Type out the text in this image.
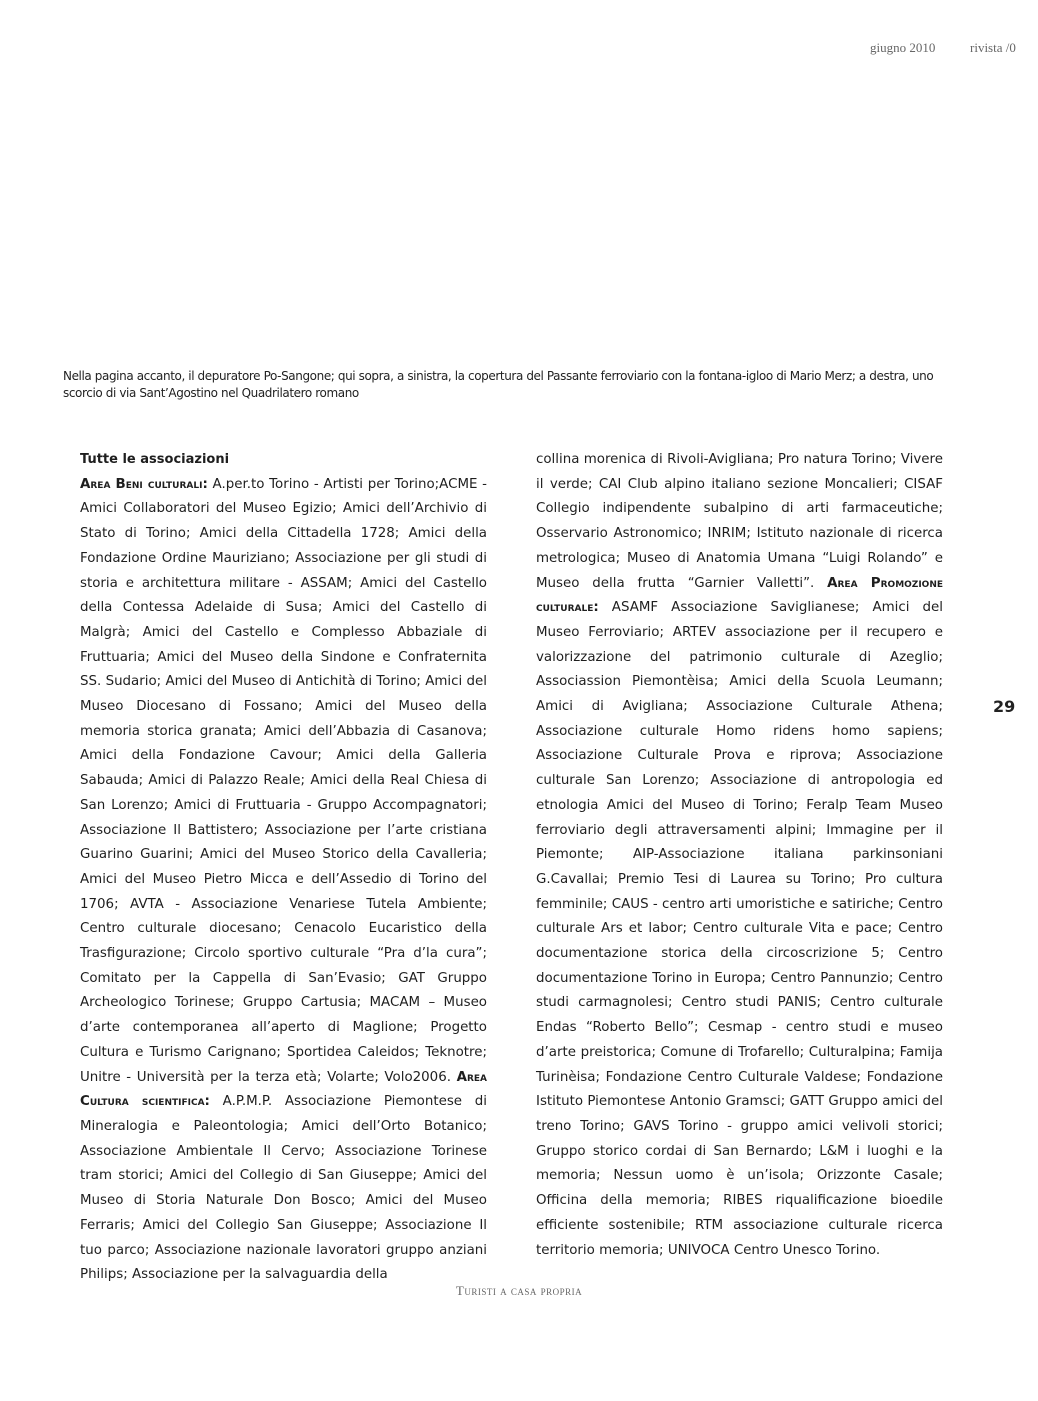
giugno 2010	rivista /0
Nella pagina accanto, il depuratore Po-Sangone; qui sopra, a sinistra, la copertura del Passante ferroviario con la fontana-igloo di Mario Merz; a destra, uno scorcio di via Sant’Agostino nel Quadrilatero romano
Tutte le associazioni
Area Beni culturali: A.per.to Torino - Artisti per Torino;ACME - Amici Collaboratori del Museo Egizio; Amici dell’Archivio di Stato di Torino; Amici della Cittadella 1728; Amici della Fondazione Ordine Mauriziano; Associazione per gli studi di storia e architettura militare - ASSAM; Amici del Castello della Contessa Adelaide di Susa; Amici del Castello di Malgrà; Amici del Castello e Complesso Abbaziale di Fruttuaria; Amici del Museo della Sindone e Confraternita SS. Sudario; Amici del Museo di Antichità di Torino; Amici del Museo Diocesano di Fossano; Amici del Museo della memoria storica granata; Amici dell’Abbazia di Casanova; Amici della Fondazione Cavour; Amici della Galleria Sabauda; Amici di Palazzo Reale; Amici della Real Chiesa di San Lorenzo; Amici di Fruttuaria - Gruppo Accompagnatori; Associazione Il Battistero; Associazione per l’arte cristiana Guarino Guarini; Amici del Museo Storico della Cavalleria; Amici del Museo Pietro Micca e dell’Assedio di Torino del 1706; AVTA - Associazione Venariese Tutela Ambiente; Centro culturale diocesano; Cenacolo Eucaristico della Trasfigurazione; Circolo sportivo culturale “Pra d’la cura”; Comitato per la Cappella di San’Evasio; GAT Gruppo Archeologico Torinese; Gruppo Cartusia; MACAM – Museo d’arte contemporanea all’aperto di Maglione; Progetto Cultura e Turismo Carignano; Sportidea Caleidos; Teknotre; Unitre - Università per la terza età; Volarte; Volo2006. Area Cultura scientifica: A.P.M.P. Associazione Piemontese di Mineralogia e Paleontologia; Amici dell’Orto Botanico; Associazione Ambientale Il Cervo; Associazione Torinese tram storici; Amici del Collegio di San Giuseppe; Amici del Museo di Storia Naturale Don Bosco; Amici del Museo Ferraris; Amici del Collegio San Giuseppe; Associazione Il tuo parco; Associazione nazionale lavoratori gruppo anziani Philips; Associazione per la salvaguardia della
collina morenica di Rivoli-Avigliana; Pro natura Torino; Vivere il verde; CAI Club alpino italiano sezione Moncalieri; CISAF Collegio indipendente subalpino di arti farmaceutiche; Osservario Astronomico; INRIM; Istituto nazionale di ricerca metrologica; Museo di Anatomia Umana “Luigi Rolando” e Museo della frutta “Garnier Valletti”. Area Promozione culturale: ASAMF Associazione Saviglianese; Amici del Museo Ferroviario; ARTEV associazione per il recupero e valorizzazione del patrimonio culturale di Azeglio; Associassion Piemontèisa; Amici della Scuola Leumann; Amici di Avigliana; Associazione Culturale Athena; Associazione culturale Homo ridens homo sapiens; Associazione Culturale Prova e riprova; Associazione culturale San Lorenzo; Associazione di antropologia ed etnologia Amici del Museo di Torino; Feralp Team Museo ferroviario degli attraversamenti alpini; Immagine per il Piemonte; AIP-Associazione italiana parkinsoniani G.Cavallai; Premio Tesi di Laurea su Torino; Pro cultura femminile; CAUS - centro arti umoristiche e satiriche; Centro culturale Ars et labor; Centro culturale Vita e pace; Centro documentazione storica della circoscrizione 5; Centro documentazione Torino in Europa; Centro Pannunzio; Centro studi carmagnolesi; Centro studi PANIS; Centro culturale Endas “Roberto Bello”; Cesmap - centro studi e museo d’arte preistorica; Comune di Trofarello; Culturalpina; Famija Turinèisa; Fondazione Centro Culturale Valdese; Fondazione Istituto Piemontese Antonio Gramsci; GATT Gruppo amici del treno Torino; GAVS Torino - gruppo amici velivoli storici; Gruppo storico cordai di San Bernardo; L&M i luoghi e la memoria; Nessun uomo è un’isola; Orizzonte Casale; Officina della memoria; RIBES riqualificazione bioedile efficiente sostenibile; RTM associazione culturale ricerca territorio memoria; UNIVOCA Centro Unesco Torino.
29
Turisti a casa propria
